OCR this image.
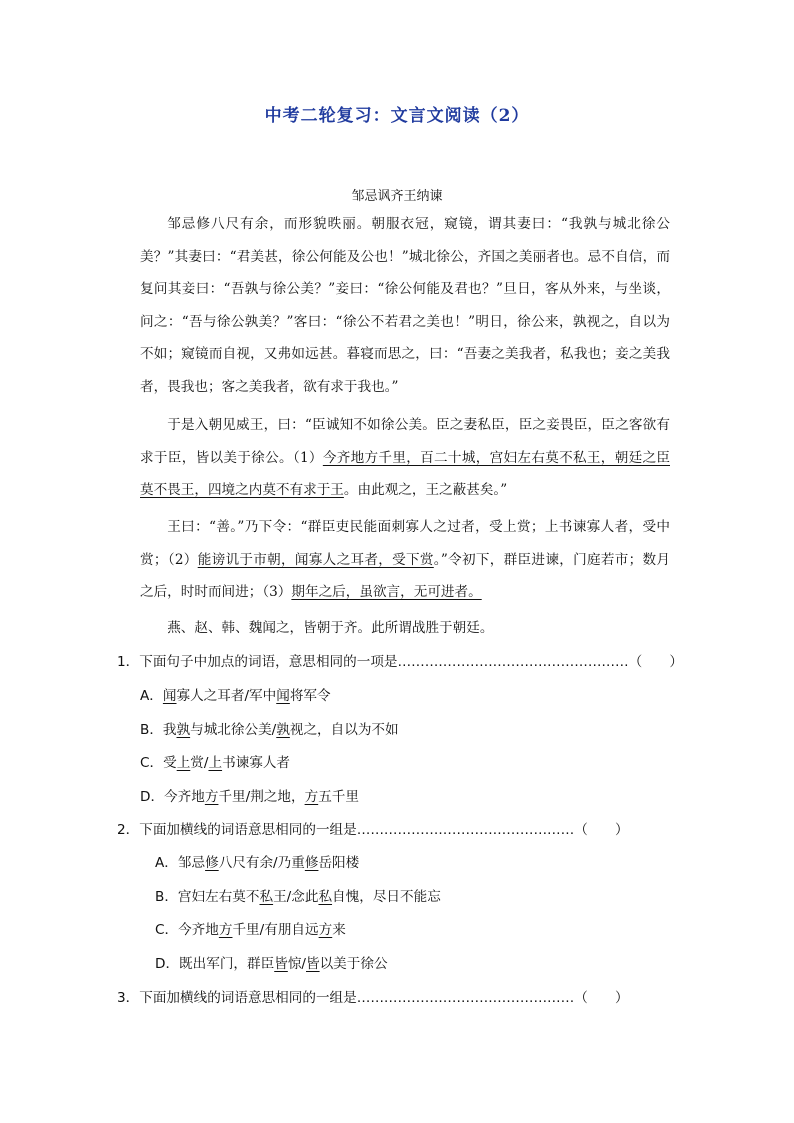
中考二轮复习：文言文阅读（2）
邹忌讽齐王纳谏

邹忌修八尺有余，而形貌昳丽。朝服衣冠，窥镜，谓其妻曰：“我孰与城北徐公美？”其妻曰：“君美甚，徐公何能及公也！”城北徐公，齐国之美丽者也。忌不自信，而复问其妾曰：“吾孰与徐公美？”妾曰：“徐公何能及君也？”旦日，客从外来，与坐谈，问之：“吾与徐公孰美？”客曰：“徐公不若君之美也！”明日，徐公来，孰视之，自以为不如；窥镜而自视，又弗如远甚。暮寝而思之，曰：“吾妻之美我者，私我也；妾之美我者，畏我也；客之美我者，欲有求于我也。”

于是入朝见威王，曰：“臣诚知不如徐公美。臣之妻私臣，臣之妾畏臣，臣之客欲有求于臣，皆以美于徐公。（1）今齐地方千里，百二十城，宫妇左右莫不私王，朝廷之臣莫不畏王，四境之内莫不有求于王。由此观之，王之蔽甚矣。”

王曰：“善。”乃下令：“群臣吏民能面刺寡人之过者，受上赏；上书谏寡人者，受中赏；（2）能谤讥于市朝，闻寡人之耳者，受下赏。”令初下，群臣进谏，门庭若市；数月之后，时时而间进；（3）期年之后，虽欲言，无可进者。

燕、赵、韩、魏闻之，皆朝于齐。此所谓战胜于朝廷。

1．下面句子中加点的词语，意思相同的一项是……………………………………………（　　）
A．闻寡人之耳者/军中闻将军令
B．我孰与城北徐公美/孰视之，自以为不如
C．受上赏/上书谏寡人者
D．今齐地方千里/荆之地，方五千里
2．下面加横线的词语意思相同的一组是…………………………………………（　　）
A．邹忌修八尺有余/乃重修岳阳楼
B．宫妇左右莫不私王/念此私自愧，尽日不能忘
C．今齐地方千里/有朋自远方来
D．既出军门，群臣皆惊/皆以美于徐公
3．下面加横线的词语意思相同的一组是…………………………………………（　　）
